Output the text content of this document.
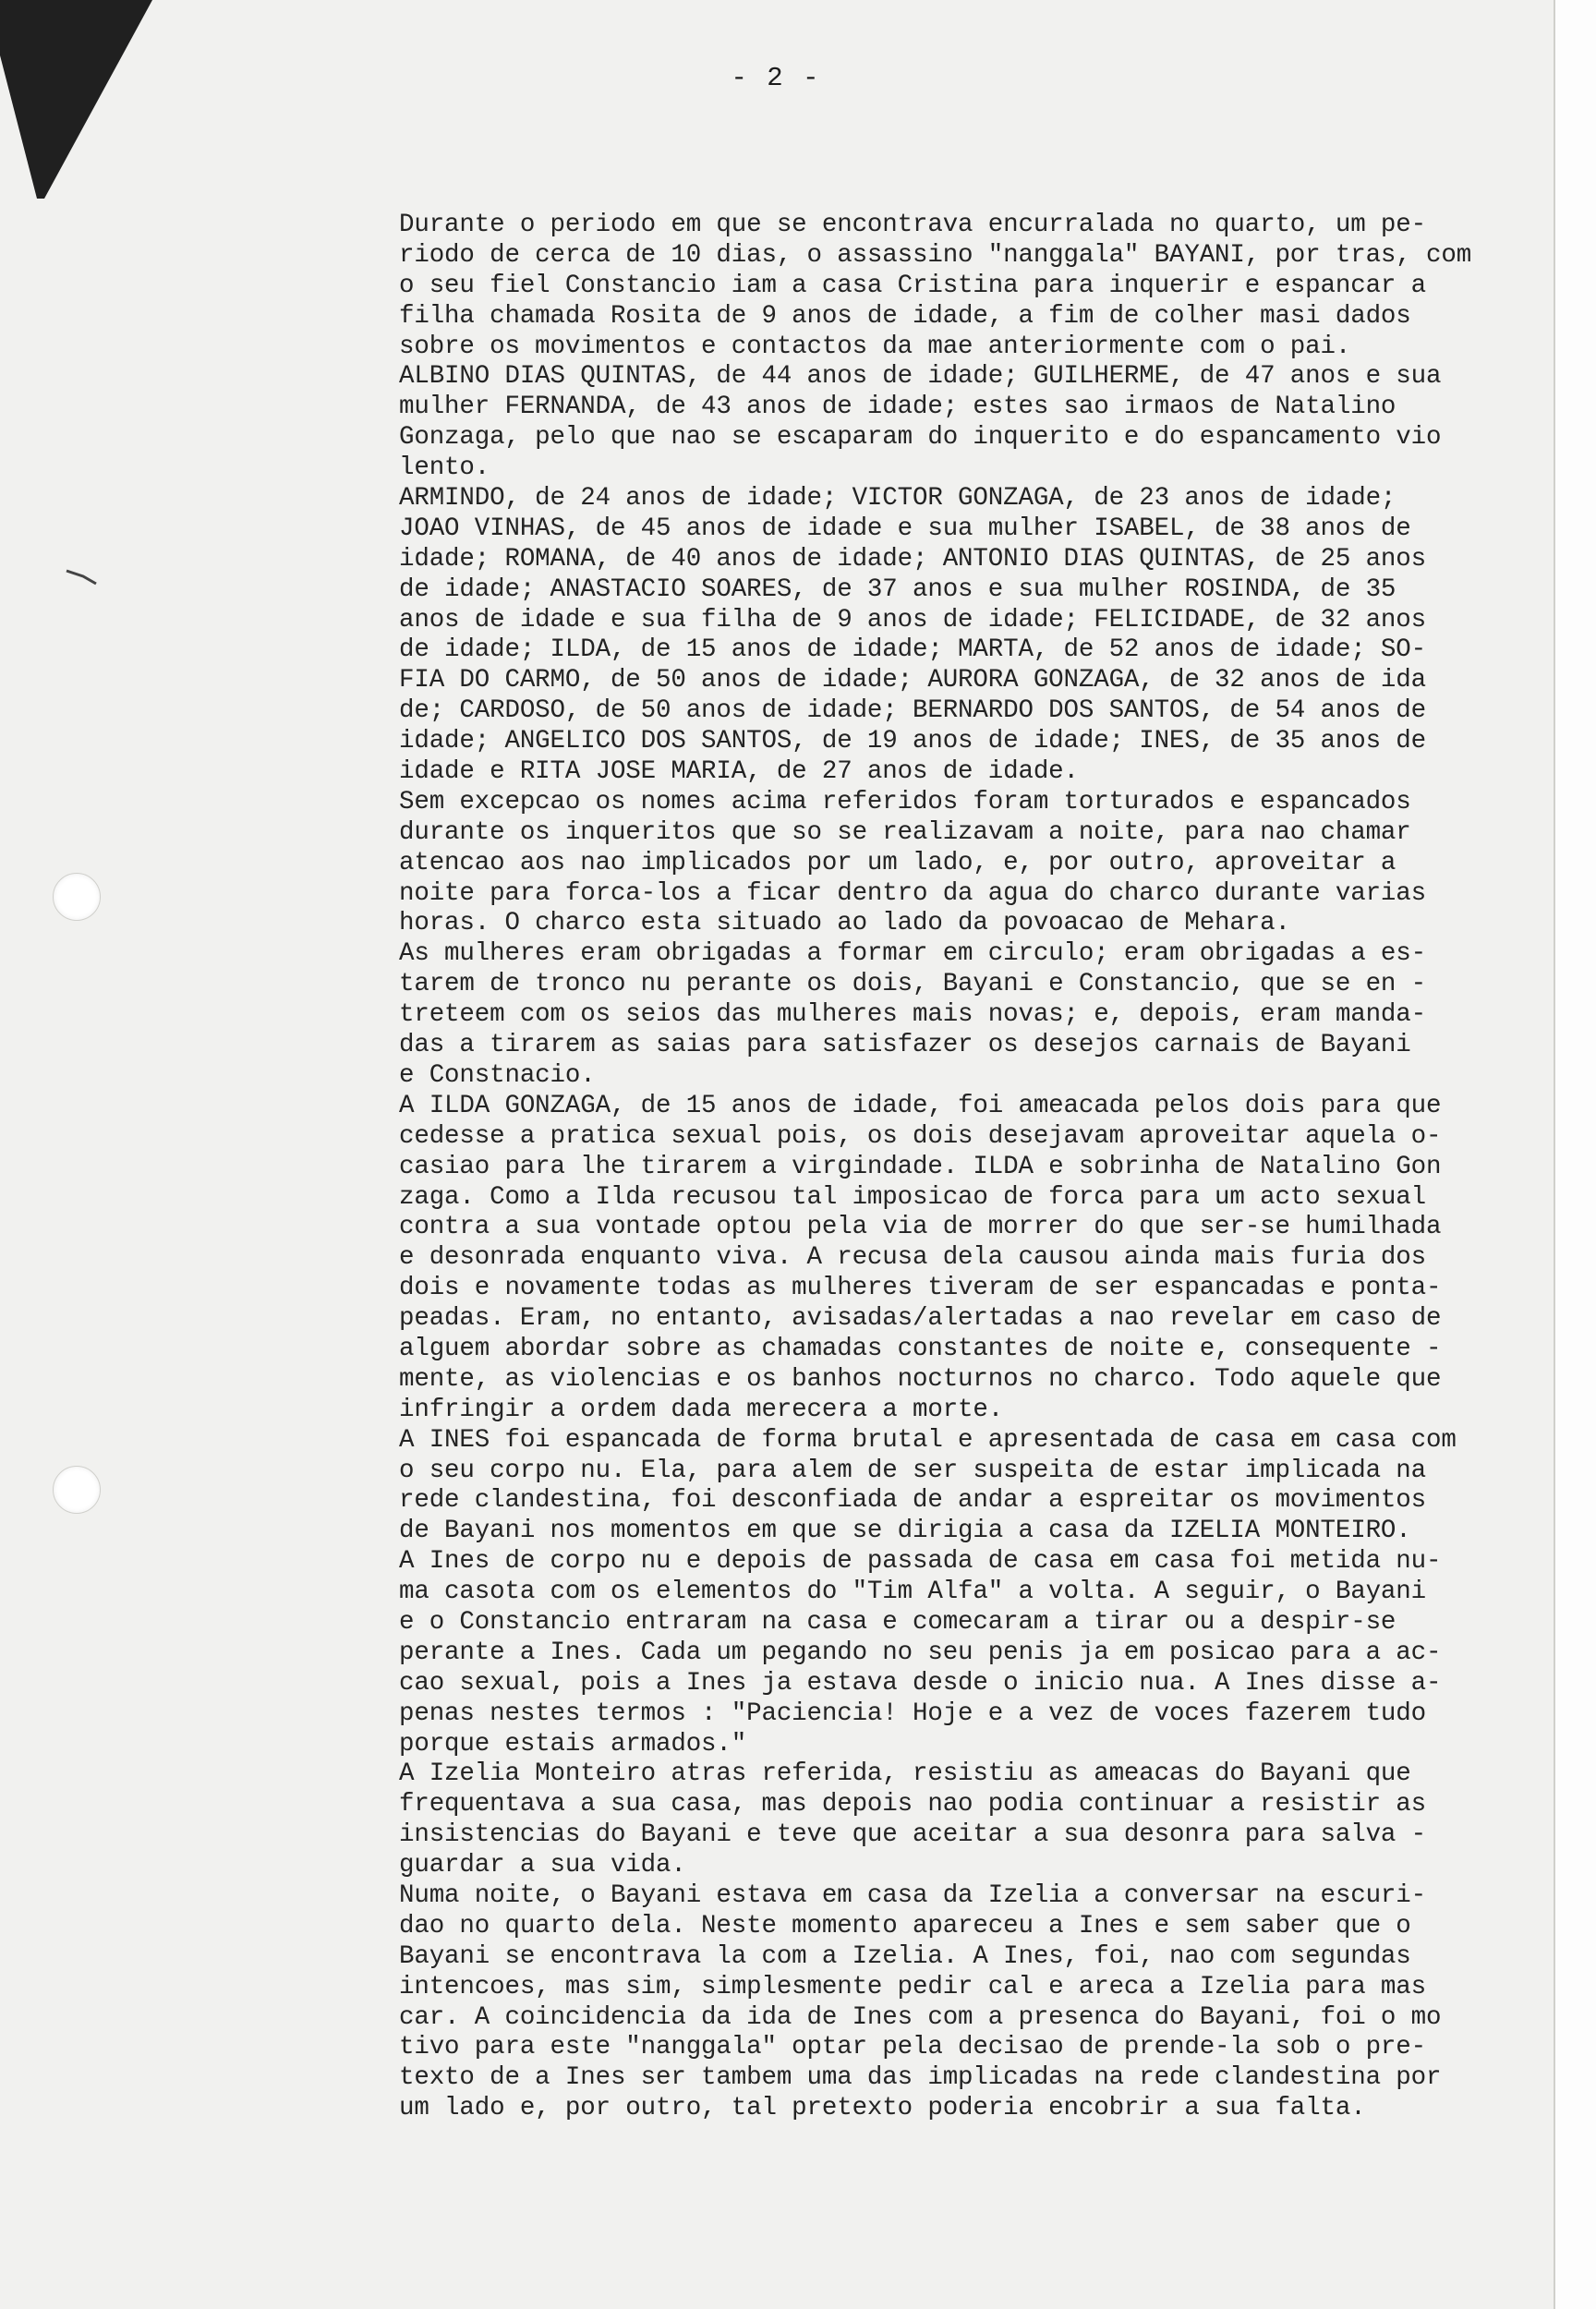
- 2 -
Durante o periodo em que se encontrava encurralada no quarto, um pe-
riodo de cerca de 10 dias, o assassino "nanggala" BAYANI, por tras, com
o seu fiel Constancio iam a casa Cristina para inquerir e espancar a
filha chamada Rosita de 9 anos de idade, a fim de colher masi dados
sobre os movimentos e contactos da mae anteriormente com o pai.
ALBINO DIAS QUINTAS, de 44 anos de idade; GUILHERME, de 47 anos e sua
mulher FERNANDA, de 43 anos de idade; estes sao irmaos de Natalino
Gonzaga, pelo que nao se escaparam do inquerito e do espancamento vio
lento.
ARMINDO, de 24 anos de idade; VICTOR GONZAGA, de 23 anos de idade;
JOAO VINHAS, de 45 anos de idade e sua mulher ISABEL, de 38 anos de
idade; ROMANA, de 40 anos de idade; ANTONIO DIAS QUINTAS, de 25 anos
de idade; ANASTACIO SOARES, de 37 anos e sua mulher ROSINDA, de 35
anos de idade e sua filha de 9 anos de idade; FELICIDADE, de 32 anos
de idade; ILDA, de 15 anos de idade; MARTA, de 52 anos de idade; SO-
FIA DO CARMO, de 50 anos de idade; AURORA GONZAGA, de 32 anos de ida
de; CARDOSO, de 50 anos de idade; BERNARDO DOS SANTOS, de 54 anos de
idade; ANGELICO DOS SANTOS, de 19 anos de idade; INES, de 35 anos de
idade e RITA JOSE MARIA, de 27 anos de idade.
Sem excepcao os nomes acima referidos foram torturados e espancados
durante os inqueritos que so se realizavam a noite, para nao chamar
atencao aos nao implicados por um lado, e, por outro, aproveitar a
noite para forca-los a ficar dentro da agua do charco durante varias
horas. O charco esta situado ao lado da povoacao de Mehara.
As mulheres eram obrigadas a formar em circulo; eram obrigadas a es-
tarem de tronco nu perante os dois, Bayani e Constancio, que se en -
treteem com os seios das mulheres mais novas; e, depois, eram manda-
das a tirarem as saias para satisfazer os desejos carnais de Bayani
e Constnacio.
A ILDA GONZAGA, de 15 anos de idade, foi ameacada pelos dois para que
cedesse a pratica sexual pois, os dois desejavam aproveitar aquela o-
casiao para lhe tirarem a virgindade. ILDA e sobrinha de Natalino Gon
zaga. Como a Ilda recusou tal imposicao de forca para um acto sexual
contra a sua vontade optou pela via de morrer do que ser-se humilhada
e desonrada enquanto viva. A recusa dela causou ainda mais furia dos
dois e novamente todas as mulheres tiveram de ser espancadas e ponta-
peadas. Eram, no entanto, avisadas/alertadas a nao revelar em caso de
alguem abordar sobre as chamadas constantes de noite e, consequente -
mente, as violencias e os banhos nocturnos no charco. Todo aquele que
infringir a ordem dada merecera a morte.
A INES foi espancada de forma brutal e apresentada de casa em casa com
o seu corpo nu. Ela, para alem de ser suspeita de estar implicada na
rede clandestina, foi desconfiada de andar a espreitar os movimentos
de Bayani nos momentos em que se dirigia a casa da IZELIA MONTEIRO.
A Ines de corpo nu e depois de passada de casa em casa foi metida nu-
ma casota com os elementos do "Tim Alfa" a volta. A seguir, o Bayani
e o Constancio entraram na casa e comecaram a tirar ou a despir-se
perante a Ines. Cada um pegando no seu penis ja em posicao para a ac-
cao sexual, pois a Ines ja estava desde o inicio nua. A Ines disse a-
penas nestes termos : "Paciencia! Hoje e a vez de voces fazerem tudo
porque estais armados."
A Izelia Monteiro atras referida, resistiu as ameacas do Bayani que
frequentava a sua casa, mas depois nao podia continuar a resistir as
insistencias do Bayani e teve que aceitar a sua desonra para salva -
guardar a sua vida.
Numa noite, o Bayani estava em casa da Izelia a conversar na escuri-
dao no quarto dela. Neste momento apareceu a Ines e sem saber que o
Bayani se encontrava la com a Izelia. A Ines, foi, nao com segundas
intencoes, mas sim, simplesmente pedir cal e areca a Izelia para mas
car. A coincidencia da ida de Ines com a presenca do Bayani, foi o mo
tivo para este "nanggala" optar pela decisao de prende-la sob o pre-
texto de a Ines ser tambem uma das implicadas na rede clandestina por
um lado e, por outro, tal pretexto poderia encobrir a sua falta.
